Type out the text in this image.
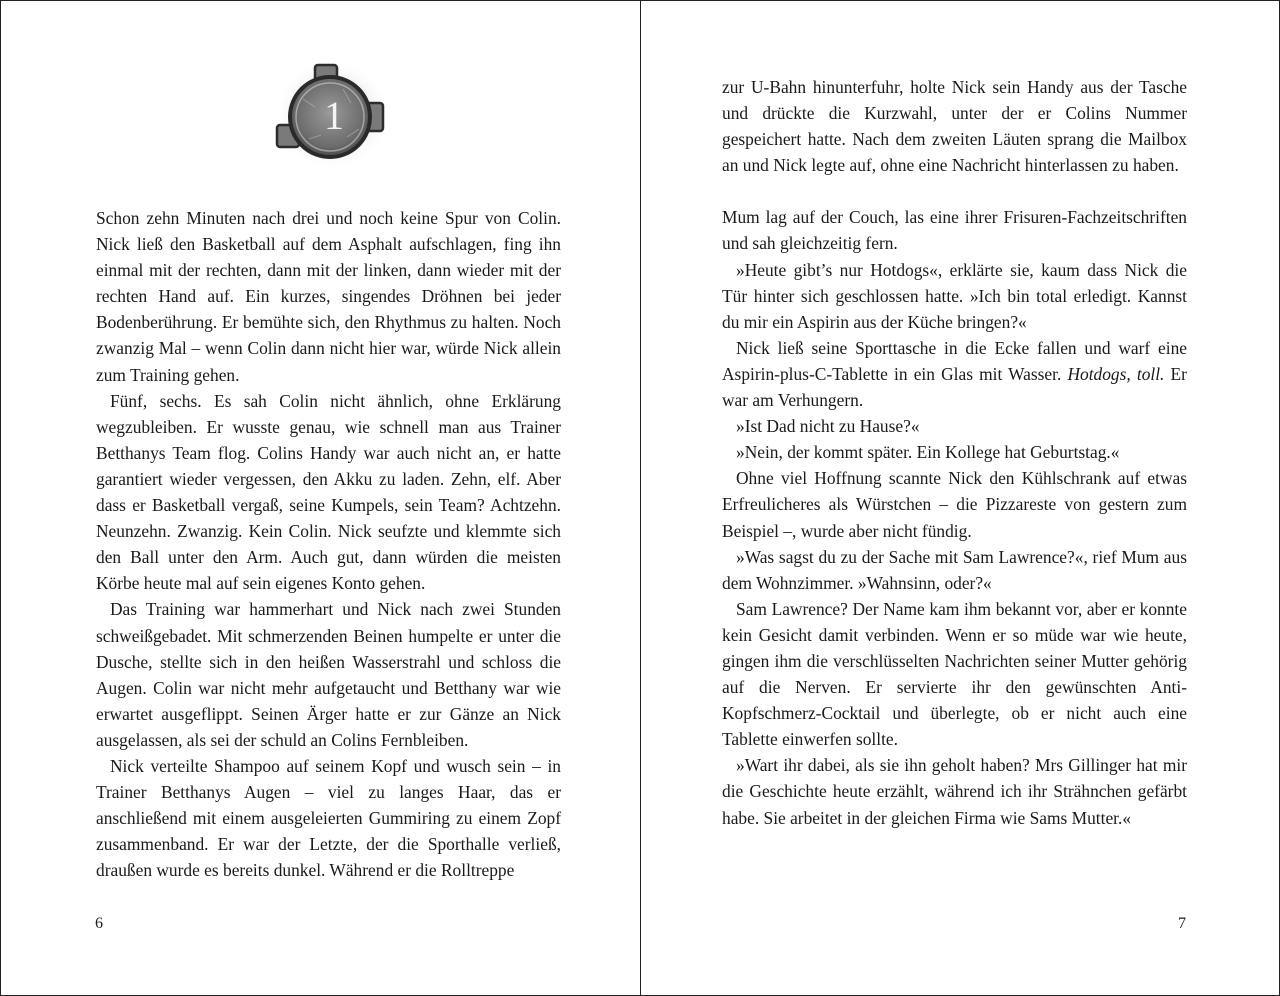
1

Schon zehn Minuten nach drei und noch keine Spur von Colin. Nick ließ den Basketball auf dem Asphalt aufschlagen, fing ihn einmal mit der rechten, dann mit der linken, dann wieder mit der rechten Hand auf. Ein kurzes, singendes Dröhnen bei jeder Bodenberührung. Er bemühte sich, den Rhythmus zu halten. Noch zwanzig Mal – wenn Colin dann nicht hier war, würde Nick allein zum Training gehen.

Fünf, sechs. Es sah Colin nicht ähnlich, ohne Erklärung wegzubleiben. Er wusste genau, wie schnell man aus Trainer Betthanys Team flog. Colins Handy war auch nicht an, er hatte garantiert wieder vergessen, den Akku zu laden. Zehn, elf. Aber dass er Basketball vergaß, seine Kumpels, sein Team? Achtzehn. Neunzehn. Zwanzig. Kein Colin. Nick seufzte und klemmte sich den Ball unter den Arm. Auch gut, dann würden die meisten Körbe heute mal auf sein eigenes Konto gehen.

Das Training war hammerhart und Nick nach zwei Stunden schweißgebadet. Mit schmerzenden Beinen humpelte er unter die Dusche, stellte sich in den heißen Wasserstrahl und schloss die Augen. Colin war nicht mehr aufgetaucht und Betthany war wie erwartet ausgeflippt. Seinen Ärger hatte er zur Gänze an Nick ausgelassen, als sei der schuld an Colins Fernbleiben.

Nick verteilte Shampoo auf seinem Kopf und wusch sein – in Trainer Betthanys Augen – viel zu langes Haar, das er anschließend mit einem ausgeleierten Gummiring zu einem Zopf zusammenband. Er war der Letzte, der die Sporthalle verließ, draußen wurde es bereits dunkel. Während er die Rolltreppe

6

zur U-Bahn hinunterfuhr, holte Nick sein Handy aus der Tasche und drückte die Kurzwahl, unter der er Colins Nummer gespeichert hatte. Nach dem zweiten Läuten sprang die Mailbox an und Nick legte auf, ohne eine Nachricht hinterlassen zu haben.

Mum lag auf der Couch, las eine ihrer Frisuren-Fachzeitschriften und sah gleichzeitig fern.

»Heute gibt’s nur Hotdogs«, erklärte sie, kaum dass Nick die Tür hinter sich geschlossen hatte. »Ich bin total erledigt. Kannst du mir ein Aspirin aus der Küche bringen?«

Nick ließ seine Sporttasche in die Ecke fallen und warf eine Aspirin-plus-C-Tablette in ein Glas mit Wasser. Hotdogs, toll. Er war am Verhungern.

»Ist Dad nicht zu Hause?«

»Nein, der kommt später. Ein Kollege hat Geburtstag.«

Ohne viel Hoffnung scannte Nick den Kühlschrank auf etwas Erfreulicheres als Würstchen – die Pizzareste von gestern zum Beispiel –, wurde aber nicht fündig.

»Was sagst du zu der Sache mit Sam Lawrence?«, rief Mum aus dem Wohnzimmer. »Wahnsinn, oder?«

Sam Lawrence? Der Name kam ihm bekannt vor, aber er konnte kein Gesicht damit verbinden. Wenn er so müde war wie heute, gingen ihm die verschlüsselten Nachrichten seiner Mutter gehörig auf die Nerven. Er servierte ihr den gewünschten Anti-Kopfschmerz-Cocktail und überlegte, ob er nicht auch eine Tablette einwerfen sollte.

»Wart ihr dabei, als sie ihn geholt haben? Mrs Gillinger hat mir die Geschichte heute erzählt, während ich ihr Strähnchen gefärbt habe. Sie arbeitet in der gleichen Firma wie Sams Mutter.«

7
